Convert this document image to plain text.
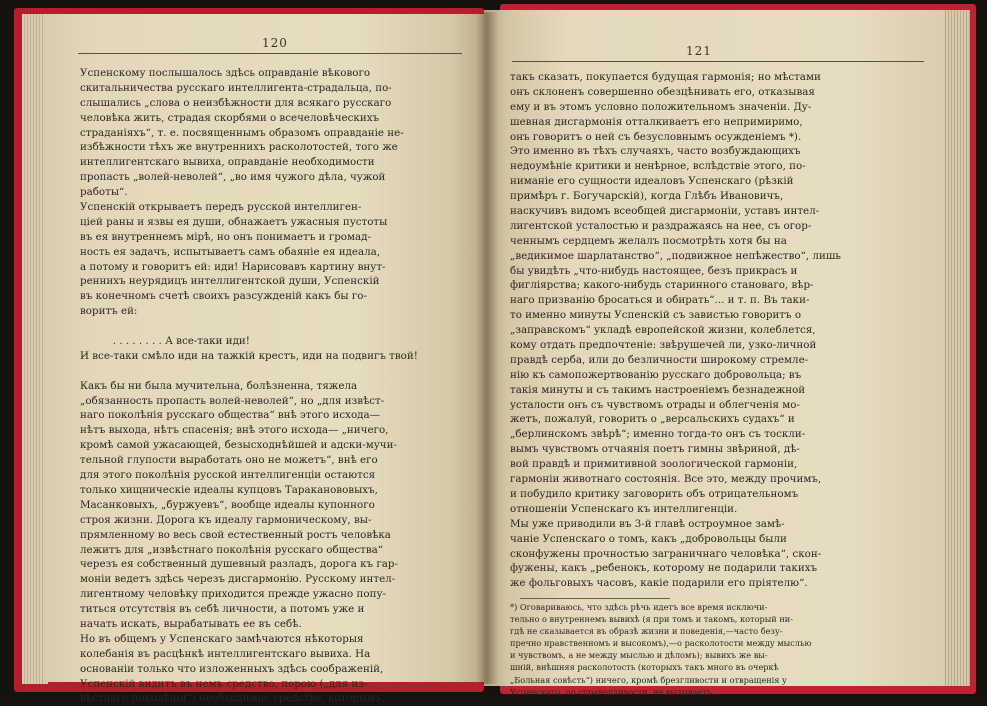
120
121
Успенскому послышалось здѣсь оправданіе вѣкового
скитальничества русскаго интеллигента-страдальца, по-
слышались „слова о неизбѣжности для всякаго русскаго
человѣка жить, страдая скорбями о всечеловѣческихъ
страданіяхъ“, т. е. посвященнымъ образомъ оправданіе не-
избѣжности тѣхъ же внутреннихъ расколотостей, того же
интеллигентскаго вывиха, оправданіе необходимости
пропасть „волей-неволей“, „во имя чужого дѣла, чужой
работы“.
Успенскій открываетъ передъ русской интеллиген-
ціей раны и язвы ея души, обнажаетъ ужасныя пустоты
въ ея внутреннемъ мірѣ, но онъ понимаетъ и громад-
ность ея задачъ, испытываетъ самъ обаяніе ея идеала,
а потому и говоритъ ей: иди! Нарисовавъ картину внут-
реннихъ неурядицъ интеллигентской души, Успенскій
въ конечномъ счетѣ своихъ разсужденій какъ бы го-
воритъ ей:
. . . . . . . . А все-таки иди!
И все-таки смѣло иди на тажкій крестъ, иди на подвигъ твой!
Какъ бы ни была мучительна, болѣзненна, тяжела
„обязанность пропасть волей-неволей“, но „для извѣст-
наго поколѣнія русскаго общества“ внѣ этого исхода—
нѣтъ выхода, нѣтъ спасенія; внѣ этого исхода— „ничего,
кромѣ самой ужасающей, безысходнѣйшей и адски-мучи-
тельной глупости выработать оно не можетъ“, внѣ его
для этого поколѣнія русской интеллигенціи остаются
только хищническіе идеалы купцовъ Тараканововыхъ,
Масанковыхъ, „буржуевъ“, вообще идеалы купонного
строя жизни. Дорога къ идеалу гармоническому, вы-
прямленному во весь свой естественный ростъ человѣка
лежитъ для „извѣстнаго поколѣнія русскаго общества“
черезъ ея собственный душевный разладъ, дорога къ гар-
моніи ведетъ здѣсь черезъ дисгармонію. Русскому интел-
лигентному человѣку приходится прежде ужасно попу-
титься отсутствія въ себѣ личности, а потомъ уже и
начать искать, вырабатывать ее въ себѣ.
Но въ общемъ у Успенскаго замѣчаются нѣкоторыя
колебанія въ расцѣнкѣ интеллигентскаго вывиха. На
основаніи только что изложенныхъ здѣсь соображеній,
Успенскій видитъ въ немъ средство, порою („для из-
вѣстнаго поколѣнія“) необходимое средство, которымъ,
такъ сказать, покупается будущая гармонія; но мѣстами
онъ склоненъ совершенно обезцѣнивать его, отказывая
ему и въ этомъ условно положительномъ значеніи. Ду-
шевная дисгармонія отталкиваетъ его непримиримо,
онъ говоритъ о ней съ безусловнымъ осужденіемъ *).
Это именно въ тѣхъ случаяхъ, часто возбуждающихъ
недоумѣніе критики и ненѣрное, вслѣдствіе этого, по-
ниманіе его сущности идеаловъ Успенскаго (рѣзкій
примѣръ г. Богучарскій), когда Глѣбъ Ивановичъ,
наскучивъ видомъ всеобщей дисгармоніи, уставъ интел-
лигентской усталостью и раздражаясь на нее, съ огор-
ченнымъ сердцемъ желалъ посмотрѣть хотя бы на
„ведикимое шарлатанство“, „подвижное непѣжество“, лишь
бы увидѣть „что-нибудь настоящее, безъ прикрасъ и
фигліярства; какого-нибудь старинного становаго, вѣр-
наго призванію бросаться и обирать“... и т. п. Въ таки-
то именно минуты Успенскій съ завистью говоритъ о
„заправскомъ“ укладѣ европейской жизни, колеблется,
кому отдать предпочтеніе: звѣрушечей ли, узко-личной
правдѣ серба, или до безличности широкому стремле-
нію къ самопожертвованію русскаго добровольца; въ
такія минуты и съ такимъ настроеніемъ безнадежной
усталости онъ съ чувствомъ отрады и облегченія мо-
жетъ, пожалуй, говорить о „версальскихъ судахъ“ и
„берлинскомъ звѣрѣ“; именно тогда-то онъ съ тоскли-
вымъ чувствомъ отчаянія поетъ гимны звѣриной, дѣ-
вой правдѣ и примитивной зоологической гармоніи,
гармоніи животнаго состоянія. Все это, между прочимъ,
и побудило критику заговорить объ отрицательномъ
отношеніи Успенскаго къ интеллигенціи.
Мы уже приводили въ 3-й главѣ остроумное замѣ-
чаніе Успенскаго о томъ, какъ „добровольцы были
сконфужены прочностью заграничнаго человѣка“, скон-
фужены, какъ „ребенокъ, которому не подарили такихъ
же фольговыхъ часовъ, какіе подарили его пріятелю“.
*) Оговариваюсь, что здѣсь рѣчь идетъ все время исключи-
тельно о внутреннемъ вывихѣ (я при томъ и такомъ, который ни-
гдѣ не сказывается въ образѣ жизни и поведенія,—часто безу-
пречно нравственномъ и высокомъ),—о расколотости между мыслью
и чувствомъ, а не между мыслью и дѣломъ); вывихъ же вы-
шній, внѣшняя расколотость (которыхъ такъ много въ очеркѣ
„Больная совѣсть“) ничего, кромѣ брезгливости и отвращенія у
Успенскаго, по справедливости, не вызываетъ.
